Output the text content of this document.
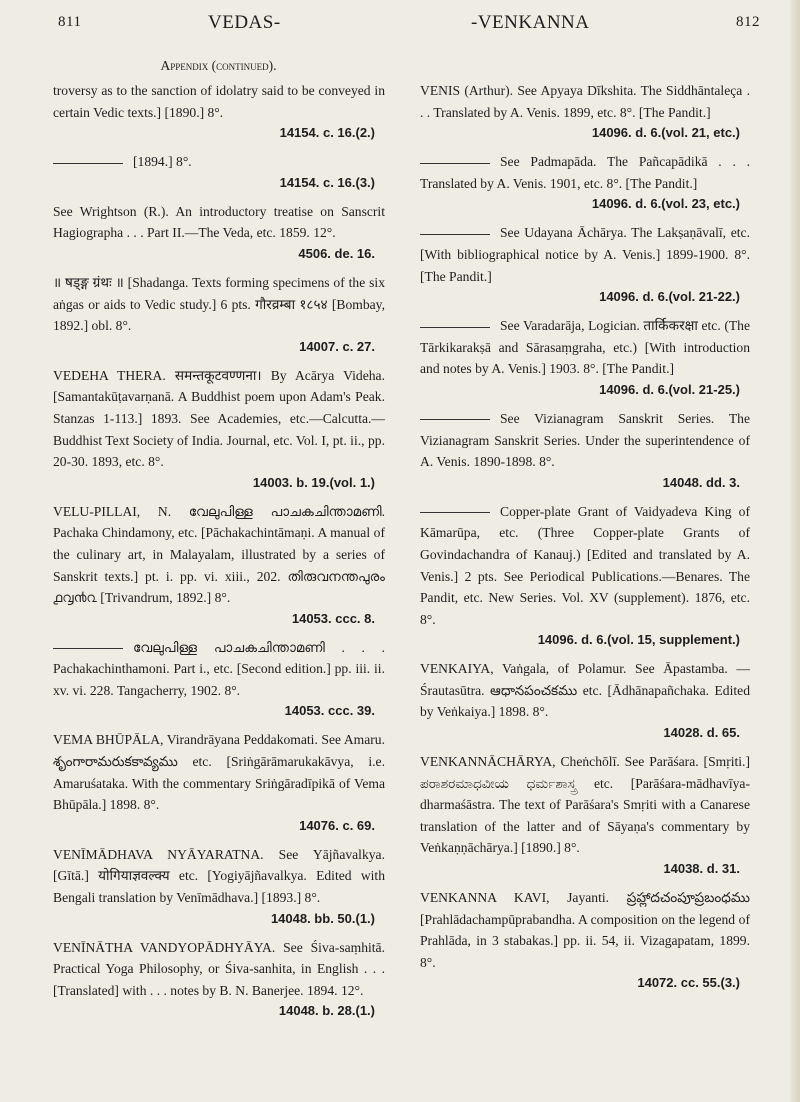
811	VEDAS-	-VENKANNA	812
Appendix (continued).
troversy as to the sanction of idolatry said to be conveyed in certain Vedic texts.] [1890.] 8°.
14154. c. 16.(2.)
[1894.] 8°.
14154. c. 16.(3.)
See Wrightson (R.). An introductory treatise on Sanscrit Hagiographa . . . Part II.—The Veda, etc. 1859. 12°.
4506. de. 16.
॥ षड्ङ्ग ग्रंथः ॥ [Shadanga. Texts forming specimens of the six aṅgas or aids to Vedic study.] 6 pts. गौरव्रम्बा १८५४ [Bombay, 1892.] obl. 8°.
14007. c. 27.
VEDEHA THERA. समन्तकूटवण्णना। By Acārya Videha. [Samantakūṭavarṇanā. A Buddhist poem upon Adam's Peak. Stanzas 1-113.] 1893. See Academies, etc.—Calcutta.—Buddhist Text Society of India. Journal, etc. Vol. I, pt. ii., pp. 20-30. 1893, etc. 8°.
14003. b. 19.(vol. 1.)
VELU-PILLAI, N. വേലുപിള്ള പാചകചിന്താമണി. Pachaka Chindamony, etc. [Pāchakachintāmaṇi. A manual of the culinary art, in Malayalam, illustrated by a series of Sanskrit texts.] pt. i. pp. vi. xiii., 202. തിരുവനന്തപുരം ൧൮൯൨ [Trivandrum, 1892.] 8°.
14053. ccc. 8.
വേലുപിള്ള പാചകചിന്താമണി . . . Pachakachinthamoni. Part i., etc. [Second edition.] pp. iii. ii. xv. vi. 228. Tangacherry, 1902. 8°.
14053. ccc. 39.
VEMA BHŪPĀLA, Virandrāyana Peddakomati. See Amaru. శృంగారామరుకకావ్యము etc. [Sriṅgārāmarukakāvya, i.e. Amaruśataka. With the commentary Sriṅgāradīpikā of Vema Bhūpāla.] 1898. 8°.
14076. c. 69.
VENĪMĀDHAVA NYĀYARATNA. See Yājñavalkya. [Gītā.] योगियाज्ञवल्क्य etc. [Yogiyājñavalkya. Edited with Bengali translation by Venīmādhava.] [1893.] 8°.
14048. bb. 50.(1.)
VENĪNĀTHA VANDYOPĀDHYĀYA. See Śiva-saṃhitā. Practical Yoga Philosophy, or Śiva-sanhita, in English . . . [Translated] with . . . notes by B. N. Banerjee. 1894. 12°.
14048. b. 28.(1.)
VENIS (Arthur). See Apyaya Dīkshita. The Siddhāntaleça . . . Translated by A. Venis. 1899, etc. 8°. [The Pandit.]
14096. d. 6.(vol. 21, etc.)
See Padmapāda. The Pañcapādikā . . . Translated by A. Venis. 1901, etc. 8°. [The Pandit.]
14096. d. 6.(vol. 23, etc.)
See Udayana Āchārya. The Lakṣaṇāvalī, etc. [With bibliographical notice by A. Venis.] 1899-1900. 8°. [The Pandit.]
14096. d. 6.(vol. 21-22.)
See Varadarāja, Logician. तार्किकरक्षा etc. (The Tārkikarakṣā and Sārasaṃgraha, etc.) [With introduction and notes by A. Venis.] 1903. 8°. [The Pandit.]
14096. d. 6.(vol. 21-25.)
See Vizianagram Sanskrit Series. The Vizianagram Sanskrit Series. Under the superintendence of A. Venis. 1890-1898. 8°.
14048. dd. 3.
Copper-plate Grant of Vaidyadeva King of Kāmarūpa, etc. (Three Copper-plate Grants of Govindachandra of Kanauj.) [Edited and translated by A. Venis.] 2 pts. See Periodical Publications.—Benares. The Pandit, etc. New Series. Vol. XV (supplement). 1876, etc. 8°.
14096. d. 6.(vol. 15, supplement.)
VENKAIYA, Vaṅgala, of Polamur. See Āpastamba. — Śrautasūtra. ఆధానపంచకము etc. [Ādhānapañchaka. Edited by Veṅkaiya.] 1898. 8°.
14028. d. 65.
VENKANNĀCHĀRYA, Cheṅchōlī. See Parāśara. [Smṛiti.] ಪರಾಶರಮಾಧವೀಯ ಧರ್ಮಶಾಸ್ತ್ರ etc. [Parāśara-mādhavīya-dharmaśāstra. The text of Parāśara's Smṛiti with a Canarese translation of the latter and of Sāyaṇa's commentary by Veṅkaṇṇāchārya.] [1890.] 8°.
14038. d. 31.
VENKANNA KAVI, Jayanti. ప్రహ్లాదచంపూప్రబంధము [Prahlādachampūprabandha. A composition on the legend of Prahlāda, in 3 stabakas.] pp. ii. 54, ii. Vizagapatam, 1899. 8°.
14072. cc. 55.(3.)
